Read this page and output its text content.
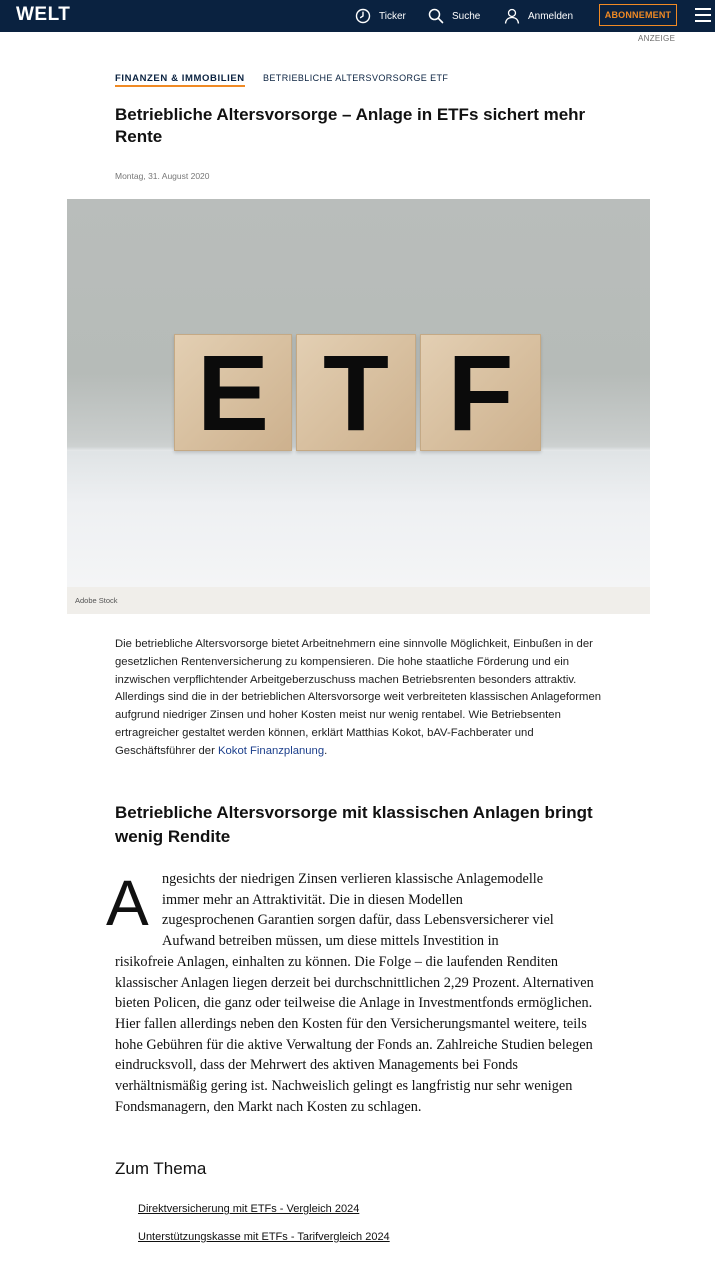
WELT	Ticker	Suche	Anmelden	ABONNEMENT
ANZEIGE
FINANZEN & IMMOBILIEN BETRIEBLICHE ALTERSVORSORGE ETF
Betriebliche Altersvorsorge – Anlage in ETFs sichert mehr Rente
Montag, 31. August 2020
E T F
Adobe Stock

Die betriebliche Altersvorsorge bietet Arbeitnehmern eine sinnvolle Möglichkeit, Einbußen in der gesetzlichen Rentenversicherung zu kompensieren. Die hohe staatliche Förderung und ein inzwischen verpflichtender Arbeitgeberzuschuss machen Betriebsrenten besonders attraktiv. Allerdings sind die in der betrieblichen Altersvorsorge weit verbreiteten klassischen Anlageformen aufgrund niedriger Zinsen und hoher Kosten meist nur wenig rentabel. Wie Betriebsenten ertragreicher gestaltet werden können, erklärt Matthias Kokot, bAV-Fachberater und Geschäftsführer der Kokot Finanzplanung.

Betriebliche Altersvorsorge mit klassischen Anlagen bringt wenig Rendite
A ngesichts der niedrigen Zinsen verlieren klassische Anlagemodelle
immer mehr an Attraktivität. Die in diesen Modellen
zugesprochenen Garantien sorgen dafür, dass Lebensversicherer viel
Aufwand betreiben müssen, um diese mittels Investition in
risikofreie Anlagen, einhalten zu können. Die Folge – die laufenden Renditen klassischer Anlagen liegen derzeit bei durchschnittlichen 2,29 Prozent. Alternativen bieten Policen, die ganz oder teilweise die Anlage in Investmentfonds ermöglichen. Hier fallen allerdings neben den Kosten für den Versicherungsmantel weitere, teils hohe Gebühren für die aktive Verwaltung der Fonds an. Zahlreiche Studien belegen eindrucksvoll, dass der Mehrwert des aktiven Managements bei Fonds verhältnismäßig gering ist. Nachweislich gelingt es langfristig nur sehr wenigen Fondsmanagern, den Markt nach Kosten zu schlagen.

Zum Thema
Direktversicherung mit ETFs - Vergleich 2024
Unterstützungskasse mit ETFs - Tarifvergleich 2024
